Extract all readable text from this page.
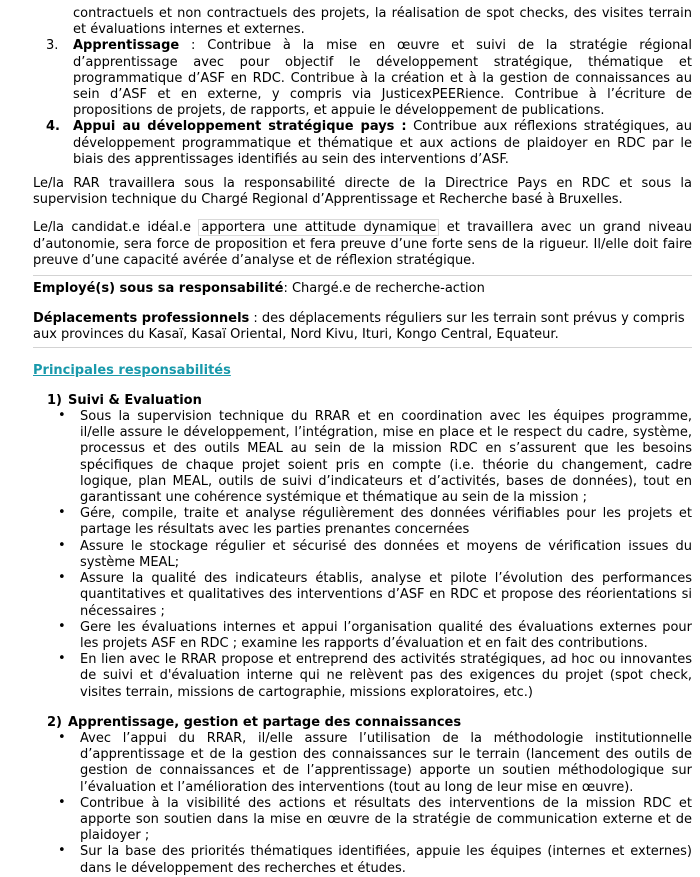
contractuels et non contractuels des projets, la réalisation de spot checks, des visites terrain et évaluations internes et externes.

3. Apprentissage : Contribue à la mise en œuvre et suivi de la stratégie régional d’apprentissage avec pour objectif le développement stratégique, thématique et programmatique d’ASF en RDC. Contribue à la création et à la gestion de connaissances au sein d’ASF et en externe, y compris via JusticexPEERience. Contribue à l’écriture de propositions de projets, de rapports, et appuie le développement de publications.
4. Appui au développement stratégique pays : Contribue aux réflexions stratégiques, au développement programmatique et thématique et aux actions de plaidoyer en RDC par le biais des apprentissages identifiés au sein des interventions d’ASF.

Le/la RAR travaillera sous la responsabilité directe de la Directrice Pays en RDC et sous la supervision technique du Chargé Regional d’Apprentissage et Recherche basé à Bruxelles.

Le/la candidat.e idéal.e apportera une attitude dynamique et travaillera avec un grand niveau d’autonomie, sera force de proposition et fera preuve d’une forte sens de la rigueur. Il/elle doit faire preuve d’une capacité avérée d’analyse et de réflexion stratégique.

Employé(s) sous sa responsabilité: Chargé.e de recherche-action

Déplacements professionnels : des déplacements réguliers sur les terrain sont prévus y compris aux provinces du Kasaï, Kasaï Oriental, Nord Kivu, Ituri, Kongo Central, Equateur.

Principales responsabilités

1) Suivi & Evaluation
• Sous la supervision technique du RRAR et en coordination avec les équipes programme, il/elle assure le développement, l’intégration, mise en place et le respect du cadre, système, processus et des outils MEAL au sein de la mission RDC en s’assurent que les besoins spécifiques de chaque projet soient pris en compte (i.e. théorie du changement, cadre logique, plan MEAL, outils de suivi d’indicateurs et d’activités, bases de données), tout en garantissant une cohérence systémique et thématique au sein de la mission ;
• Gére, compile, traite et analyse régulièrement des données vérifiables pour les projets et partage les résultats avec les parties prenantes concernées
• Assure le stockage régulier et sécurisé des données et moyens de vérification issues du système MEAL;
• Assure la qualité des indicateurs établis, analyse et pilote l’évolution des performances quantitatives et qualitatives des interventions d’ASF en RDC et propose des réorientations si nécessaires ;
• Gere les évaluations internes et appui l’organisation qualité des évaluations externes pour les projets ASF en RDC ; examine les rapports d’évaluation et en fait des contributions.
• En lien avec le RRAR propose et entreprend des activités stratégiques, ad hoc ou innovantes de suivi et d'évaluation interne qui ne relèvent pas des exigences du projet (spot check, visites terrain, missions de cartographie, missions exploratoires, etc.)
2) Apprentissage, gestion et partage des connaissances
• Avec l’appui du RRAR, il/elle assure l’utilisation de la méthodologie institutionnelle d’apprentissage et de la gestion des connaissances sur le terrain (lancement des outils de gestion de connaissances et de l’apprentissage) apporte un soutien méthodologique sur l’évaluation et l’amélioration des interventions (tout au long de leur mise en œuvre).
• Contribue à la visibilité des actions et résultats des interventions de la mission RDC et apporte son soutien dans la mise en œuvre de la stratégie de communication externe et de plaidoyer ;
• Sur la base des priorités thématiques identifiées, appuie les équipes (internes et externes) dans le développement des recherches et études.
